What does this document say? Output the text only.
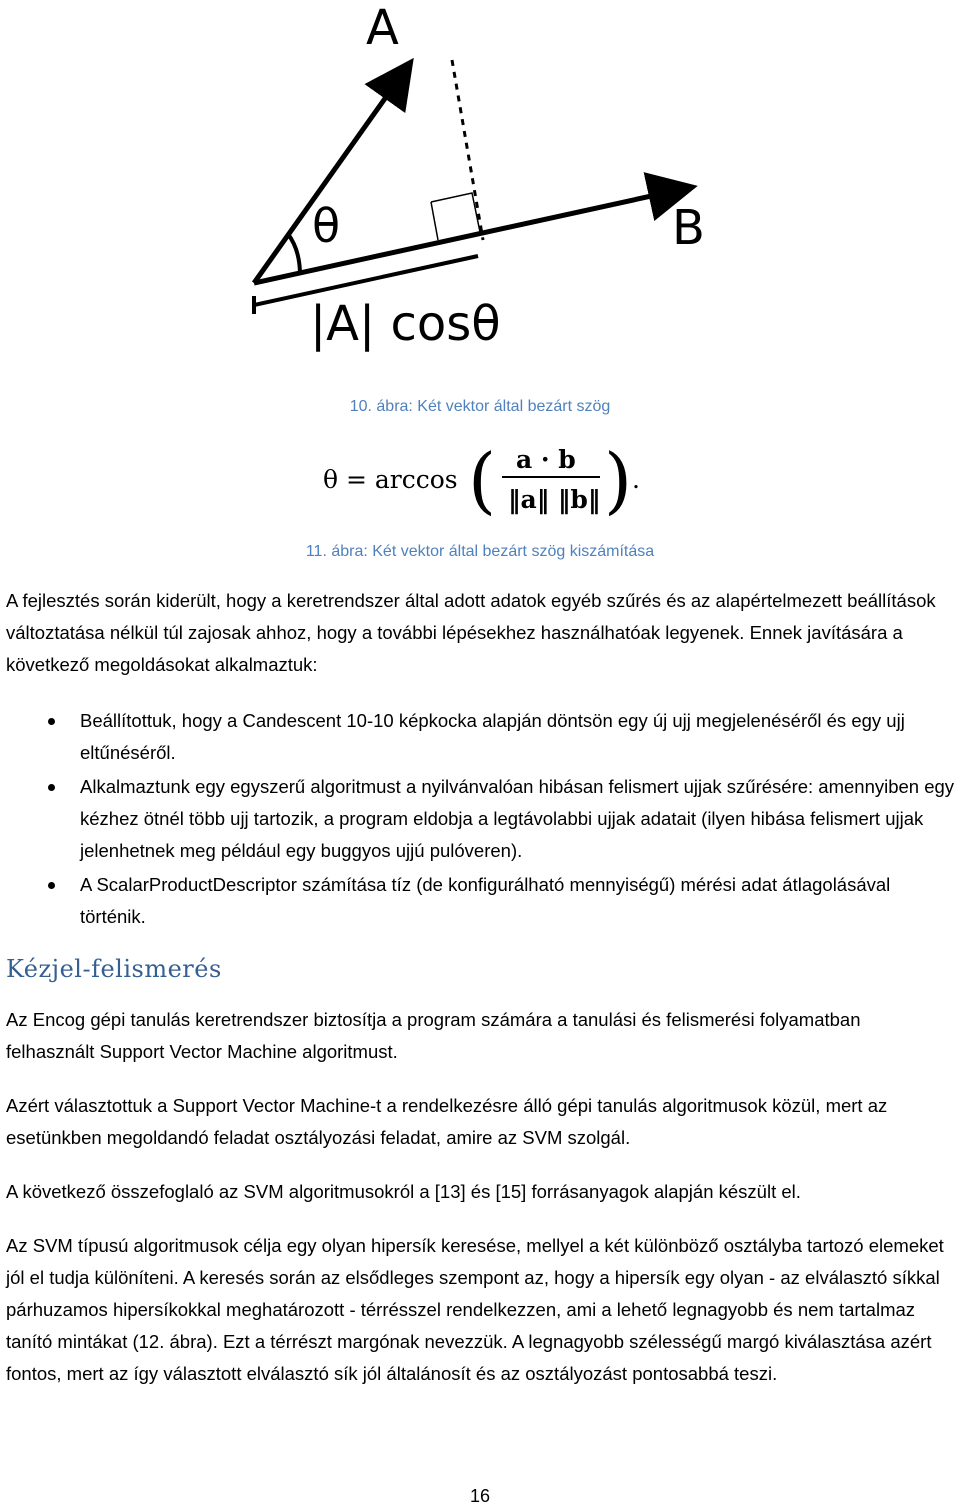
A
B
θ
|A| cosθ
10. ábra: Két vektor által bezárt szög
θ = arccos ( a · b
‖a‖ ‖b‖ ) .
11. ábra: Két vektor által bezárt szög kiszámítása
A fejlesztés során kiderült, hogy a keretrendszer által adott adatok egyéb szűrés és az alapértelmezett beállítások változtatása nélkül túl zajosak ahhoz, hogy a további lépésekhez használhatóak legyenek. Ennek javítására a következő megoldásokat alkalmaztuk:
Beállítottuk, hogy a Candescent 10-10 képkocka alapján döntsön egy új ujj megjelenéséről és egy ujj eltűnéséről.
Alkalmaztunk egy egyszerű algoritmust a nyilvánvalóan hibásan felismert ujjak szűrésére: amennyiben egy kézhez ötnél több ujj tartozik, a program eldobja a legtávolabbi ujjak adatait (ilyen hibása felismert ujjak jelenhetnek meg például egy buggyos ujjú pulóveren).
A ScalarProductDescriptor számítása tíz (de konfigurálható mennyiségű) mérési adat átlagolásával történik.
Kézjel-felismerés
Az Encog gépi tanulás keretrendszer biztosítja a program számára a tanulási és felismerési folyamatban felhasznált Support Vector Machine algoritmust.
Azért választottuk a Support Vector Machine-t a rendelkezésre álló gépi tanulás algoritmusok közül, mert az esetünkben megoldandó feladat osztályozási feladat, amire az SVM szolgál.
A következő összefoglaló az SVM algoritmusokról a [13] és [15] forrásanyagok alapján készült el.
Az SVM típusú algoritmusok célja egy olyan hipersík keresése, mellyel a két különböző osztályba tartozó elemeket jól el tudja különíteni. A keresés során az elsődleges szempont az, hogy a hipersík egy olyan - az elválasztó síkkal párhuzamos hipersíkokkal meghatározott - térrésszel rendelkezzen, ami a lehető legnagyobb és nem tartalmaz tanító mintákat (12. ábra). Ezt a térrészt margónak nevezzük. A legnagyobb szélességű margó kiválasztása azért fontos, mert az így választott elválasztó sík jól általánosít és az osztályozást pontosabbá teszi.
16
